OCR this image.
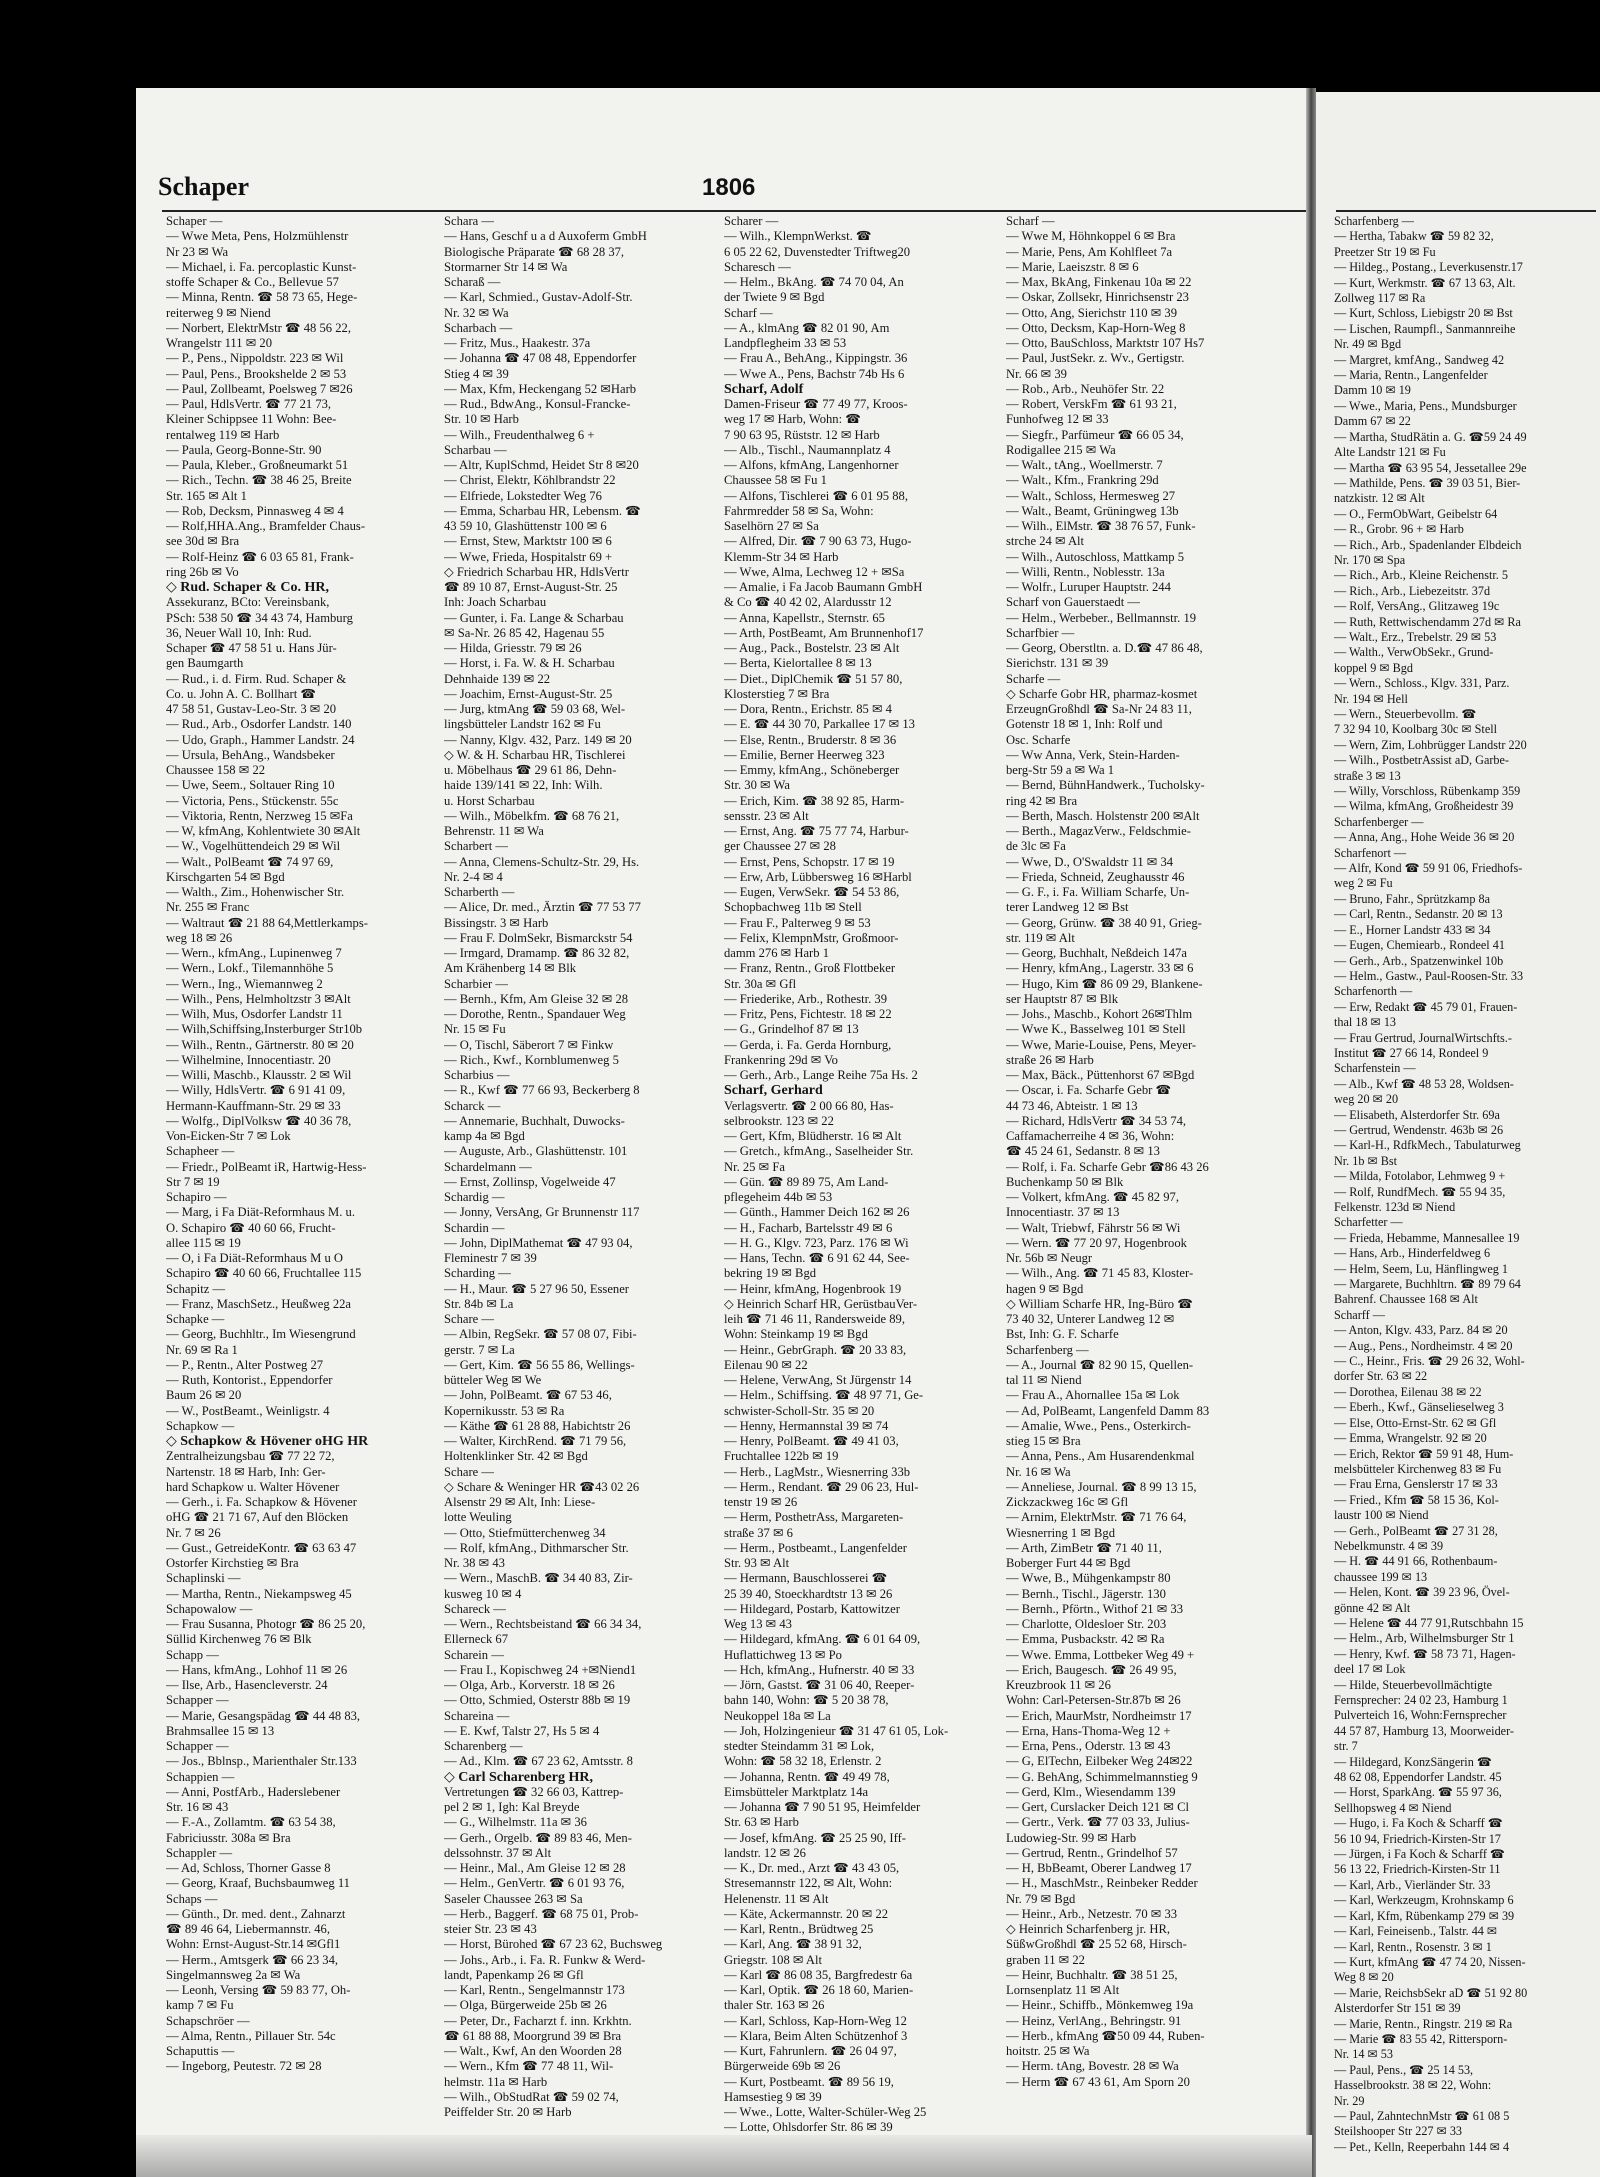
Schaper	1806
Schaper —
— Wwe Meta, Pens, Holzmühlenstr
Nr 23 ✉ Wa
— Michael, i. Fa. percoplastic Kunst-
stoffe Schaper & Co., Bellevue 57
— Minna, Rentn. ☎ 58 73 65, Hege-
reiterweg 9 ✉ Niend
— Norbert, ElektrMstr ☎ 48 56 22,
Wrangelstr 111 ✉ 20
— P., Pens., Nippoldstr. 223 ✉ Wil
— Paul, Pens., Brookshelde 2 ✉ 53
— Paul, Zollbeamt, Poelsweg 7 ✉26
— Paul, HdlsVertr. ☎ 77 21 73,
Kleiner Schippsee 11 Wohn: Bee-
rentalweg 119 ✉ Harb
— Paula, Georg-Bonne-Str. 90
— Paula, Kleber., Großneumarkt 51
— Rich., Techn. ☎ 38 46 25, Breite
Str. 165 ✉ Alt 1
— Rob, Decksm, Pinnasweg 4 ✉ 4
— Rolf,HHA.Ang., Bramfelder Chaus-
see 30d ✉ Bra
— Rolf-Heinz ☎ 6 03 65 81, Frank-
ring 26b ✉ Vo
◇ Rud. Schaper & Co. HR,
Assekuranz, BCto: Vereinsbank,
PSch: 538 50 ☎ 34 43 74, Hamburg
36, Neuer Wall 10, Inh: Rud.
Schaper ☎ 47 58 51 u. Hans Jür-
gen Baumgarth
— Rud., i. d. Firm. Rud. Schaper &
Co. u. John A. C. Bollhart ☎
47 58 51, Gustav-Leo-Str. 3 ✉ 20
— Rud., Arb., Osdorfer Landstr. 140
— Udo, Graph., Hammer Landstr. 24
— Ursula, BehAng., Wandsbeker
Chaussee 158 ✉ 22
— Uwe, Seem., Soltauer Ring 10
— Victoria, Pens., Stückenstr. 55c
— Viktoria, Rentn, Nerzweg 15 ✉Fa
— W, kfmAng, Kohlentwiete 30 ✉Alt
— W., Vogelhüttendeich 29 ✉ Wil
— Walt., PolBeamt ☎ 74 97 69,
Kirschgarten 54 ✉ Bgd
— Walth., Zim., Hohenwischer Str.
Nr. 255 ✉ Franc
— Waltraut ☎ 21 88 64,Mettlerkamps-
weg 18 ✉ 26
— Wern., kfmAng., Lupinenweg 7
— Wern., Lokf., Tilemannhöhe 5
— Wern., Ing., Wiemannweg 2
— Wilh., Pens, Helmholtzstr 3 ✉Alt
— Wilh, Mus, Osdorfer Landstr 11
— Wilh,Schiffsing,Insterburger Str10b
— Wilh., Rentn., Gärtnerstr. 80 ✉ 20
— Wilhelmine, Innocentiastr. 20
— Willi, Maschb., Klausstr. 2 ✉ Wil
— Willy, HdlsVertr. ☎ 6 91 41 09,
Hermann-Kauffmann-Str. 29 ✉ 33
— Wolfg., DiplVolksw ☎ 40 36 78,
Von-Eicken-Str 7 ✉ Lok
Schapheer —
— Friedr., PolBeamt iR, Hartwig-Hess-
Str 7 ✉ 19
Schapiro —
— Marg, i Fa Diät-Reformhaus M. u.
O. Schapiro ☎ 40 60 66, Frucht-
allee 115 ✉ 19
— O, i Fa Diät-Reformhaus M u O
Schapiro ☎ 40 60 66, Fruchtallee 115
Schapitz —
— Franz, MaschSetz., Heußweg 22a
Schapke —
— Georg, Buchhltr., Im Wiesengrund
Nr. 69 ✉ Ra 1
— P., Rentn., Alter Postweg 27
— Ruth, Kontorist., Eppendorfer
Baum 26 ✉ 20
— W., PostBeamt., Weinligstr. 4
Schapkow —
◇ Schapkow & Hövener oHG HR
Zentralheizungsbau ☎ 77 22 72,
Nartenstr. 18 ✉ Harb, Inh: Ger-
hard Schapkow u. Walter Hövener
— Gerh., i. Fa. Schapkow & Hövener
oHG ☎ 21 71 67, Auf den Blöcken
Nr. 7 ✉ 26
— Gust., GetreideKontr. ☎ 63 63 47
Ostorfer Kirchstieg ✉ Bra
Schaplinski —
— Martha, Rentn., Niekampsweg 45
Schapowalow —
— Frau Susanna, Photogr ☎ 86 25 20,
Süllid Kirchenweg 76 ✉ Blk
Schapp —
— Hans, kfmAng., Lohhof 11 ✉ 26
— Ilse, Arb., Hasencleverstr. 24
Schapper —
— Marie, Gesangspädag ☎ 44 48 83,
Brahmsallee 15 ✉ 13
Schapper —
— Jos., Bblnsp., Marienthaler Str.133
Schappien —
— Anni, PostfArb., Haderslebener
Str. 16 ✉ 43
— F.-A., Zollamtm. ☎ 63 54 38,
Fabriciusstr. 308a ✉ Bra
Schappler —
— Ad, Schloss, Thorner Gasse 8
— Georg, Kraaf, Buchsbaumweg 11
Schaps —
— Günth., Dr. med. dent., Zahnarzt
☎ 89 46 64, Liebermannstr. 46,
Wohn: Ernst-August-Str.14 ✉Gfl1
— Herm., Amtsgerk ☎ 66 23 34,
Singelmannsweg 2a ✉ Wa
— Leonh, Versing ☎ 59 83 77, Oh-
kamp 7 ✉ Fu
Schapschröer —
— Alma, Rentn., Pillauer Str. 54c
Schaputtis —
— Ingeborg, Peutestr. 72 ✉ 28
Schara —
— Hans, Geschf u a d Auxoferm GmbH
Biologische Präparate ☎ 68 28 37,
Stormarner Str 14 ✉ Wa
Scharaß —
— Karl, Schmied., Gustav-Adolf-Str.
Nr. 32 ✉ Wa
Scharbach —
— Fritz, Mus., Haakestr. 37a
— Johanna ☎ 47 08 48, Eppendorfer
Stieg 4 ✉ 39
— Max, Kfm, Heckengang 52 ✉Harb
— Rud., BdwAng., Konsul-Francke-
Str. 10 ✉ Harb
— Wilh., Freudenthalweg 6 +
Scharbau —
— Altr, KuplSchmd, Heidet Str 8 ✉20
— Christ, Elektr, Köhlbrandstr 22
— Elfriede, Lokstedter Weg 76
— Emma, Scharbau HR, Lebensm. ☎
43 59 10, Glashüttenstr 100 ✉ 6
— Ernst, Stew, Marktstr 100 ✉ 6
— Wwe, Frieda, Hospitalstr 69 +
◇ Friedrich Scharbau HR, HdlsVertr
☎ 89 10 87, Ernst-August-Str. 25
Inh: Joach Scharbau
— Gunter, i. Fa. Lange & Scharbau
✉ Sa-Nr. 26 85 42, Hagenau 55
— Hilda, Griesstr. 79 ✉ 26
— Horst, i. Fa. W. & H. Scharbau
Dehnhaide 139 ✉ 22
— Joachim, Ernst-August-Str. 25
— Jurg, ktmAng ☎ 59 03 68, Wel-
lingsbütteler Landstr 162 ✉ Fu
— Nanny, Klgv. 432, Parz. 149 ✉ 20
◇ W. & H. Scharbau HR, Tischlerei
u. Möbelhaus ☎ 29 61 86, Dehn-
haide 139/141 ✉ 22, Inh: Wilh.
u. Horst Scharbau
— Wilh., Möbelkfm. ☎ 68 76 21,
Behrenstr. 11 ✉ Wa
Scharbert —
— Anna, Clemens-Schultz-Str. 29, Hs.
Nr. 2-4 ✉ 4
Scharberth —
— Alice, Dr. med., Ärztin ☎ 77 53 77
Bissingstr. 3 ✉ Harb
— Frau F. DolmSekr, Bismarckstr 54
— Irmgard, Dramamp. ☎ 86 32 82,
Am Krähenberg 14 ✉ Blk
Scharbier —
— Bernh., Kfm, Am Gleise 32 ✉ 28
— Dorothe, Rentn., Spandauer Weg
Nr. 15 ✉ Fu
— O, Tischl, Säberort 7 ✉ Finkw
— Rich., Kwf., Kornblumenweg 5
Scharbius —
— R., Kwf ☎ 77 66 93, Beckerberg 8
Scharck —
— Annemarie, Buchhalt, Duwocks-
kamp 4a ✉ Bgd
— Auguste, Arb., Glashüttenstr. 101
Schardelmann —
— Ernst, Zollinsp, Vogelweide 47
Schardig —
— Jonny, VersAng, Gr Brunnenstr 117
Schardin —
— John, DiplMathemat ☎ 47 93 04,
Fleminestr 7 ✉ 39
Scharding —
— H., Maur. ☎ 5 27 96 50, Essener
Str. 84b ✉ La
Schare —
— Albin, RegSekr. ☎ 57 08 07, Fibi-
gerstr. 7 ✉ La
— Gert, Kim. ☎ 56 55 86, Wellings-
bütteler Weg ✉ We
— John, PolBeamt. ☎ 67 53 46,
Kopernikusstr. 53 ✉ Ra
— Käthe ☎ 61 28 88, Habichtstr 26
— Walter, KirchRend. ☎ 71 79 56,
Holtenklinker Str. 42 ✉ Bgd
Schare —
◇ Schare & Weninger HR ☎43 02 26
Alsenstr 29 ✉ Alt, Inh: Liese-
lotte Weuling
— Otto, Stiefmütterchenweg 34
— Rolf, kfmAng., Dithmarscher Str.
Nr. 38 ✉ 43
— Wern., MaschB. ☎ 34 40 83, Zir-
kusweg 10 ✉ 4
Schareck —
— Wern., Rechtsbeistand ☎ 66 34 34,
Ellerneck 67
Scharein —
— Frau I., Kopischweg 24 +✉Niend1
— Olga, Arb., Korverstr. 18 ✉ 26
— Otto, Schmied, Osterstr 88b ✉ 19
Schareina —
— E. Kwf, Talstr 27, Hs 5 ✉ 4
Scharenberg —
— Ad., Klm. ☎ 67 23 62, Amtsstr. 8
◇ Carl Scharenberg HR,
Vertretungen ☎ 32 66 03, Kattrep-
pel 2 ✉ 1, Igh: Kal Breyde
— G., Wilhelmstr. 11a ✉ 36
— Gerh., Orgelb. ☎ 89 83 46, Men-
delssohnstr. 37 ✉ Alt
— Heinr., Mal., Am Gleise 12 ✉ 28
— Helm., GenVertr. ☎ 6 01 93 76,
Saseler Chaussee 263 ✉ Sa
— Herb., Baggerf. ☎ 68 75 01, Prob-
steier Str. 23 ✉ 43
— Horst, Bürohed ☎ 67 23 62, Buchsweg
— Johs., Arb., i. Fa. R. Funkw & Werd-
landt, Papenkamp 26 ✉ Gfl
— Karl, Rentn., Sengelmannstr 173
— Olga, Bürgerweide 25b ✉ 26
— Peter, Dr., Facharzt f. inn. Krkhtn.
☎ 61 88 88, Moorgrund 39 ✉ Bra
— Walt., Kwf, An den Woorden 28
— Wern., Kfm ☎ 77 48 11, Wil-
helmstr. 11a ✉ Harb
— Wilh., ObStudRat ☎ 59 02 74,
Peiffelder Str. 20 ✉ Harb
Scharer —
— Wilh., KlempnWerkst. ☎
6 05 22 62, Duvenstedter Triftweg20
Scharesch —
— Helm., BkAng. ☎ 74 70 04, An
der Twiete 9 ✉ Bgd
Scharf —
— A., klmAng ☎ 82 01 90, Am
Landpflegheim 33 ✉ 53
— Frau A., BehAng., Kippingstr. 36
— Wwe A., Pens, Bachstr 74b Hs 6
Scharf, Adolf
Damen-Friseur ☎ 77 49 77, Kroos-
weg 17 ✉ Harb, Wohn: ☎
7 90 63 95, Rüststr. 12 ✉ Harb
— Alb., Tischl., Naumannplatz 4
— Alfons, kfmAng, Langenhorner
Chaussee 58 ✉ Fu 1
— Alfons, Tischlerei ☎ 6 01 95 88,
Fahrmredder 58 ✉ Sa, Wohn:
Saselhörn 27 ✉ Sa
— Alfred, Dir. ☎ 7 90 63 73, Hugo-
Klemm-Str 34 ✉ Harb
— Wwe, Alma, Lechweg 12 + ✉Sa
— Amalie, i Fa Jacob Baumann GmbH
& Co ☎ 40 42 02, Alardusstr 12
— Anna, Kapellstr., Sternstr. 65
— Arth, PostBeamt, Am Brunnenhof17
— Aug., Pack., Bostelstr. 23 ✉ Alt
— Berta, Kielortallee 8 ✉ 13
— Diet., DiplChemik ☎ 51 57 80,
Klosterstieg 7 ✉ Bra
— Dora, Rentn., Erichstr. 85 ✉ 4
— E. ☎ 44 30 70, Parkallee 17 ✉ 13
— Else, Rentn., Bruderstr. 8 ✉ 36
— Emilie, Berner Heerweg 323
— Emmy, kfmAng., Schöneberger
Str. 30 ✉ Wa
— Erich, Kim. ☎ 38 92 85, Harm-
sensstr. 23 ✉ Alt
— Ernst, Ang. ☎ 75 77 74, Harbur-
ger Chaussee 27 ✉ 28
— Ernst, Pens, Schopstr. 17 ✉ 19
— Erw, Arb, Lübbersweg 16 ✉Harbl
— Eugen, VerwSekr. ☎ 54 53 86,
Schopbachweg 11b ✉ Stell
— Frau F., Palterweg 9 ✉ 53
— Felix, KlempnMstr, Großmoor-
damm 276 ✉ Harb 1
— Franz, Rentn., Groß Flottbeker
Str. 30a ✉ Gfl
— Friederike, Arb., Rothestr. 39
— Fritz, Pens, Fichtestr. 18 ✉ 22
— G., Grindelhof 87 ✉ 13
— Gerda, i. Fa. Gerda Hornburg,
Frankenring 29d ✉ Vo
— Gerh., Arb., Lange Reihe 75a Hs. 2
Scharf, Gerhard
Verlagsvertr. ☎ 2 00 66 80, Has-
selbrookstr. 123 ✉ 22
— Gert, Kfm, Blüdherstr. 16 ✉ Alt
— Gretch., kfmAng., Saselheider Str.
Nr. 25 ✉ Fa
— Gün. ☎ 89 89 75, Am Land-
pflegeheim 44b ✉ 53
— Günth., Hammer Deich 162 ✉ 26
— H., Facharb, Bartelsstr 49 ✉ 6
— H. G., Klgv. 723, Parz. 176 ✉ Wi
— Hans, Techn. ☎ 6 91 62 44, See-
bekring 19 ✉ Bgd
— Heinr, kfmAng, Hogenbrook 19
◇ Heinrich Scharf HR, GerüstbauVer-
leih ☎ 71 46 11, Randersweide 89,
Wohn: Steinkamp 19 ✉ Bgd
— Heinr., GebrGraph. ☎ 20 33 83,
Eilenau 90 ✉ 22
— Helene, VerwAng, St Jürgenstr 14
— Helm., Schiffsing. ☎ 48 97 71, Ge-
schwister-Scholl-Str. 35 ✉ 20
— Henny, Hermannstal 39 ✉ 74
— Henry, PolBeamt. ☎ 49 41 03,
Fruchtallee 122b ✉ 19
— Herb., LagMstr., Wiesnerring 33b
— Herm., Rendant. ☎ 29 06 23, Hul-
tenstr 19 ✉ 26
— Herm, PosthetrAss, Margareten-
straße 37 ✉ 6
— Herm., Postbeamt., Langenfelder
Str. 93 ✉ Alt
— Hermann, Bauschlosserei ☎
25 39 40, Stoeckhardtstr 13 ✉ 26
— Hildegard, Postarb, Kattowitzer
Weg 13 ✉ 43
— Hildegard, kfmAng. ☎ 6 01 64 09,
Huflattichweg 13 ✉ Po
— Hch, kfmAng., Hufnerstr. 40 ✉ 33
— Jörn, Gastst. ☎ 31 06 40, Reeper-
bahn 140, Wohn: ☎ 5 20 38 78,
Neukoppel 18a ✉ La
— Joh, Holzingenieur ☎ 31 47 61 05, Lok-
stedter Steindamm 31 ✉ Lok,
Wohn: ☎ 58 32 18, Erlenstr. 2
— Johanna, Rentn. ☎ 49 49 78,
Eimsbütteler Marktplatz 14a
— Johanna ☎ 7 90 51 95, Heimfelder
Str. 63 ✉ Harb
— Josef, kfmAng. ☎ 25 25 90, Iff-
landstr. 12 ✉ 26
— K., Dr. med., Arzt ☎ 43 43 05,
Stresemannstr 122, ✉ Alt, Wohn:
Helenenstr. 11 ✉ Alt
— Käte, Ackermannstr. 20 ✉ 22
— Karl, Rentn., Brüdtweg 25
— Karl, Ang. ☎ 38 91 32,
Griegstr. 108 ✉ Alt
— Karl ☎ 86 08 35, Bargfredestr 6a
— Karl, Optik. ☎ 26 18 60, Marien-
thaler Str. 163 ✉ 26
— Karl, Schloss, Kap-Horn-Weg 12
— Klara, Beim Alten Schützenhof 3
— Kurt, Fahrunlern. ☎ 26 04 97,
Bürgerweide 69b ✉ 26
— Kurt, Postbeamt. ☎ 89 56 19,
Hamsestieg 9 ✉ 39
— Wwe., Lotte, Walter-Schüler-Weg 25
— Lotte, Ohlsdorfer Str. 86 ✉ 39
Scharf —
— Wwe M, Höhnkoppel 6 ✉ Bra
— Marie, Pens, Am Kohlfleet 7a
— Marie, Laeiszstr. 8 ✉ 6
— Max, BkAng, Finkenau 10a ✉ 22
— Oskar, Zollsekr, Hinrichsenstr 23
— Otto, Ang, Sierichstr 110 ✉ 39
— Otto, Decksm, Kap-Horn-Weg 8
— Otto, BauSchloss, Marktstr 107 Hs7
— Paul, JustSekr. z. Wv., Gertigstr.
Nr. 66 ✉ 39
— Rob., Arb., Neuhöfer Str. 22
— Robert, VerskFm ☎ 61 93 21,
Funhofweg 12 ✉ 33
— Siegfr., Parfümeur ☎ 66 05 34,
Rodigallee 215 ✉ Wa
— Walt., tAng., Woellmerstr. 7
— Walt., Kfm., Frankring 29d
— Walt., Schloss, Hermesweg 27
— Walt., Beamt, Grüningweg 13b
— Wilh., ElMstr. ☎ 38 76 57, Funk-
strche 24 ✉ Alt
— Wilh., Autoschloss, Mattkamp 5
— Willi, Rentn., Noblesstr. 13a
— Wolfr., Luruper Hauptstr. 244
Scharf von Gauerstaedt —
— Helm., Werbeber., Bellmannstr. 19
Scharfbier —
— Georg, Oberstltn. a. D.☎ 47 86 48,
Sierichstr. 131 ✉ 39
Scharfe —
◇ Scharfe Gobr HR, pharmaz-kosmet
ErzeugnGroßhdl ☎ Sa-Nr 24 83 11,
Gotenstr 18 ✉ 1, Inh: Rolf und
Osc. Scharfe
— Ww Anna, Verk, Stein-Harden-
berg-Str 59 a ✉ Wa 1
— Bernd, BühnHandwerk., Tucholsky-
ring 42 ✉ Bra
— Berth, Masch. Holstenstr 200 ✉Alt
— Berth., MagazVerw., Feldschmie-
de 3lc ✉ Fa
— Wwe, D., O'Swaldstr 11 ✉ 34
— Frieda, Schneid, Zeughausstr 46
— G. F., i. Fa. William Scharfe, Un-
terer Landweg 12 ✉ Bst
— Georg, Grünw. ☎ 38 40 91, Grieg-
str. 119 ✉ Alt
— Georg, Buchhalt, Neßdeich 147a
— Henry, kfmAng., Lagerstr. 33 ✉ 6
— Hugo, Kim ☎ 86 09 29, Blankene-
ser Hauptstr 87 ✉ Blk
— Johs., Maschb., Kohort 26✉Thlm
— Wwe K., Basselweg 101 ✉ Stell
— Wwe, Marie-Louise, Pens, Meyer-
straße 26 ✉ Harb
— Max, Bäck., Püttenhorst 67 ✉Bgd
— Oscar, i. Fa. Scharfe Gebr ☎
44 73 46, Abteistr. 1 ✉ 13
— Richard, HdlsVertr ☎ 34 53 74,
Caffamacherreihe 4 ✉ 36, Wohn:
☎ 45 24 61, Sedanstr. 8 ✉ 13
— Rolf, i. Fa. Scharfe Gebr ☎86 43 26
Buchenkamp 50 ✉ Blk
— Volkert, kfmAng. ☎ 45 82 97,
Innocentiastr. 37 ✉ 13
— Walt, Triebwf, Fährstr 56 ✉ Wi
— Wern. ☎ 77 20 97, Hogenbrook
Nr. 56b ✉ Neugr
— Wilh., Ang. ☎ 71 45 83, Kloster-
hagen 9 ✉ Bgd
◇ William Scharfe HR, Ing-Büro ☎
73 40 32, Unterer Landweg 12 ✉
Bst, Inh: G. F. Scharfe
Scharfenberg —
— A., Journal ☎ 82 90 15, Quellen-
tal 11 ✉ Niend
— Frau A., Ahornallee 15a ✉ Lok
— Ad, PolBeamt, Langenfeld Damm 83
— Amalie, Wwe., Pens., Osterkirch-
stieg 15 ✉ Bra
— Anna, Pens., Am Husarendenkmal
Nr. 16 ✉ Wa
— Anneliese, Journal. ☎ 8 99 13 15,
Zickzackweg 16c ✉ Gfl
— Arnim, ElektrMstr. ☎ 71 76 64,
Wiesnerring 1 ✉ Bgd
— Arth, ZimBetr ☎ 71 40 11,
Boberger Furt 44 ✉ Bgd
— Wwe, B., Mühgenkampstr 80
— Bernh., Tischl., Jägerstr. 130
— Bernh., Pförtn., Withof 21 ✉ 33
— Charlotte, Oldesloer Str. 203
— Emma, Pusbackstr. 42 ✉ Ra
— Wwe. Emma, Lottbeker Weg 49 +
— Erich, Baugesch. ☎ 26 49 95,
Kreuzbrook 11 ✉ 26
Wohn: Carl-Petersen-Str.87b ✉ 26
— Erich, MaurMstr, Nordheimstr 17
— Erna, Hans-Thoma-Weg 12 +
— Erna, Pens., Oderstr. 13 ✉ 43
— G, ElTechn, Eilbeker Weg 24✉22
— G. BehAng, Schimmelmannstieg 9
— Gerd, Klm., Wiesendamm 139
— Gert, Curslacker Deich 121 ✉ Cl
— Gertr., Verk. ☎ 77 03 33, Julius-
Ludowieg-Str. 99 ✉ Harb
— Gertrud, Rentn., Grindelhof 57
— H, BbBeamt, Oberer Landweg 17
— H., MaschMstr., Reinbeker Redder
Nr. 79 ✉ Bgd
— Heinr., Arb., Netzestr. 70 ✉ 33
◇ Heinrich Scharfenberg jr. HR,
SüßwGroßhdl ☎ 25 52 68, Hirsch-
graben 11 ✉ 22
— Heinr, Buchhaltr. ☎ 38 51 25,
Lornsenplatz 11 ✉ Alt
— Heinr., Schiffb., Mönkemweg 19a
— Heinz, VerlAng., Behringstr. 91
— Herb., kfmAng ☎50 09 44, Ruben-
hoitstr. 25 ✉ Wa
— Herm. tAng, Bovestr. 28 ✉ Wa
— Herm ☎ 67 43 61, Am Sporn 20
Scharfenberg —
— Hertha, Tabakw ☎ 59 82 32,
Preetzer Str 19 ✉ Fu
— Hildeg., Postang., Leverkusenstr.17
— Kurt, Werkmstr. ☎ 67 13 63, Alt.
Zollweg 117 ✉ Ra
— Kurt, Schloss, Liebigstr 20 ✉ Bst
— Lischen, Raumpfl., Sanmannreihe
Nr. 49 ✉ Bgd
— Margret, kmfAng., Sandweg 42
— Maria, Rentn., Langenfelder
Damm 10 ✉ 19
— Wwe., Maria, Pens., Mundsburger
Damm 67 ✉ 22
— Martha, StudRätin a. G. ☎59 24 49
Alte Landstr 121 ✉ Fu
— Martha ☎ 63 95 54, Jessetallee 29e
— Mathilde, Pens. ☎ 39 03 51, Bier-
natzkistr. 12 ✉ Alt
— O., FermObWart, Geibelstr 64
— R., Grobr. 96 + ✉ Harb
— Rich., Arb., Spadenlander Elbdeich
Nr. 170 ✉ Spa
— Rich., Arb., Kleine Reichenstr. 5
— Rich., Arb., Liebezeitstr. 37d
— Rolf, VersAng., Glitzaweg 19c
— Ruth, Rettwischendamm 27d ✉ Ra
— Walt., Erz., Trebelstr. 29 ✉ 53
— Walth., VerwObSekr., Grund-
koppel 9 ✉ Bgd
— Wern., Schloss., Klgv. 331, Parz.
Nr. 194 ✉ Hell
— Wern., Steuerbevollm. ☎
7 32 94 10, Koolbarg 30c ✉ Stell
— Wern, Zim, Lohbrügger Landstr 220
— Wilh., PostbetrAssist aD, Garbe-
straße 3 ✉ 13
— Willy, Vorschloss, Rübenkamp 359
— Wilma, kfmAng, Großheidestr 39
Scharfenberger —
— Anna, Ang., Hohe Weide 36 ✉ 20
Scharfenort —
— Alfr, Kond ☎ 59 91 06, Friedhofs-
weg 2 ✉ Fu
— Bruno, Fahr., Sprützkamp 8a
— Carl, Rentn., Sedanstr. 20 ✉ 13
— E., Horner Landstr 433 ✉ 34
— Eugen, Chemiearb., Rondeel 41
— Gerh., Arb., Spatzenwinkel 10b
— Helm., Gastw., Paul-Roosen-Str. 33
Scharfenorth —
— Erw, Redakt ☎ 45 79 01, Frauen-
thal 18 ✉ 13
— Frau Gertrud, JournalWirtschfts.-
Institut ☎ 27 66 14, Rondeel 9
Scharfenstein —
— Alb., Kwf ☎ 48 53 28, Woldsen-
weg 20 ✉ 20
— Elisabeth, Alsterdorfer Str. 69a
— Gertrud, Wendenstr. 463b ✉ 26
— Karl-H., RdfkMech., Tabulaturweg
Nr. 1b ✉ Bst
— Milda, Fotolabor, Lehmweg 9 +
— Rolf, RundfMech. ☎ 55 94 35,
Felkenstr. 123d ✉ Niend
Scharfetter —
— Frieda, Hebamme, Mannesallee 19
— Hans, Arb., Hinderfeldweg 6
— Helm, Seem, Lu, Hänflingweg 1
— Margarete, Buchhltrn. ☎ 89 79 64
Bahrenf. Chaussee 168 ✉ Alt
Scharff —
— Anton, Klgv. 433, Parz. 84 ✉ 20
— Aug., Pens., Nordheimstr. 4 ✉ 20
— C., Heinr., Fris. ☎ 29 26 32, Wohl-
dorfer Str. 63 ✉ 22
— Dorothea, Eilenau 38 ✉ 22
— Eberh., Kwf., Gänselieselweg 3
— Else, Otto-Ernst-Str. 62 ✉ Gfl
— Emma, Wrangelstr. 92 ✉ 20
— Erich, Rektor ☎ 59 91 48, Hum-
melsbütteler Kirchenweg 83 ✉ Fu
— Frau Erna, Genslerstr 17 ✉ 33
— Fried., Kfm ☎ 58 15 36, Kol-
laustr 100 ✉ Niend
— Gerh., PolBeamt ☎ 27 31 28,
Nebelkmunstr. 4 ✉ 39
— H. ☎ 44 91 66, Rothenbaum-
chaussee 199 ✉ 13
— Helen, Kont. ☎ 39 23 96, Övel-
gönne 42 ✉ Alt
— Helene ☎ 44 77 91,Rutschbahn 15
— Helm., Arb, Wilhelmsburger Str 1
— Henry, Kwf. ☎ 58 73 71, Hagen-
deel 17 ✉ Lok
— Hilde, Steuerbevollmächtigte
Fernsprecher: 24 02 23, Hamburg 1
Pulverteich 16, Wohn:Fernsprecher
44 57 87, Hamburg 13, Moorweider-
str. 7
— Hildegard, KonzSängerin ☎
48 62 08, Eppendorfer Landstr. 45
— Horst, SparkAng. ☎ 55 97 36,
Sellhopsweg 4 ✉ Niend
— Hugo, i. Fa Koch & Scharff ☎
56 10 94, Friedrich-Kirsten-Str 17
— Jürgen, i Fa Koch & Scharff ☎
56 13 22, Friedrich-Kirsten-Str 11
— Karl, Arb., Vierländer Str. 33
— Karl, Werkzeugm, Krohnskamp 6
— Karl, Kfm, Rübenkamp 279 ✉ 39
— Karl, Feineisenb., Talstr. 44 ✉
— Karl, Rentn., Rosenstr. 3 ✉ 1
— Kurt, kfmAng ☎ 47 74 20, Nissen-
Weg 8 ✉ 20
— Marie, ReichsbSekr aD ☎ 51 92 80
Alsterdorfer Str 151 ✉ 39
— Marie, Rentn., Ringstr. 219 ✉ Ra
— Marie ☎ 83 55 42, Rittersporn-
Nr. 14 ✉ 53
— Paul, Pens., ☎ 25 14 53,
Hasselbrookstr. 38 ✉ 22, Wohn:
Nr. 29
— Paul, ZahntechnMstr ☎ 61 08 5
Steilshooper Str 227 ✉ 33
— Pet., Kelln, Reeperbahn 144 ✉ 4
